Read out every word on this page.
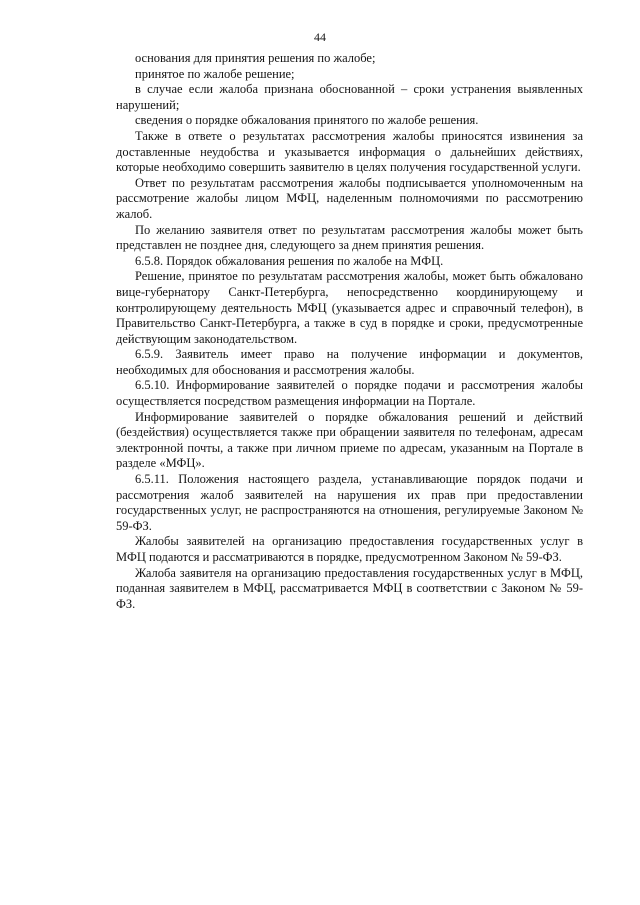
44

основания для принятия решения по жалобе;

принятое по жалобе решение;

в случае если жалоба признана обоснованной – сроки устранения выявленных нарушений;

сведения о порядке обжалования принятого по жалобе решения.

Также в ответе о результатах рассмотрения жалобы приносятся извинения за доставленные неудобства и указывается информация о дальнейших действиях, которые необходимо совершить заявителю в целях получения государственной услуги.

Ответ по результатам рассмотрения жалобы подписывается уполномоченным на рассмотрение жалобы лицом МФЦ, наделенным полномочиями по рассмотрению жалоб.

По желанию заявителя ответ по результатам рассмотрения жалобы может быть представлен не позднее дня, следующего за днем принятия решения.

6.5.8. Порядок обжалования решения по жалобе на МФЦ.

Решение, принятое по результатам рассмотрения жалобы, может быть обжаловано вице-губернатору Санкт-Петербурга, непосредственно координирующему и контролирующему деятельность МФЦ (указывается адрес и справочный телефон), в Правительство Санкт-Петербурга, а также в суд в порядке и сроки, предусмотренные действующим законодательством.

6.5.9. Заявитель имеет право на получение информации и документов, необходимых для обоснования и рассмотрения жалобы.

6.5.10. Информирование заявителей о порядке подачи и рассмотрения жалобы осуществляется посредством размещения информации на Портале.

Информирование заявителей о порядке обжалования решений и действий (бездействия) осуществляется также при обращении заявителя по телефонам, адресам электронной почты, а также при личном приеме по адресам, указанным на Портале в разделе «МФЦ».

6.5.11. Положения настоящего раздела, устанавливающие порядок подачи и рассмотрения жалоб заявителей на нарушения их прав при предоставлении государственных услуг, не распространяются на отношения, регулируемые Законом № 59-ФЗ.

Жалобы заявителей на организацию предоставления государственных услуг в МФЦ подаются и рассматриваются в порядке, предусмотренном Законом № 59-ФЗ.

Жалоба заявителя на организацию предоставления государственных услуг в МФЦ, поданная заявителем в МФЦ, рассматривается МФЦ в соответствии с Законом № 59-ФЗ.
